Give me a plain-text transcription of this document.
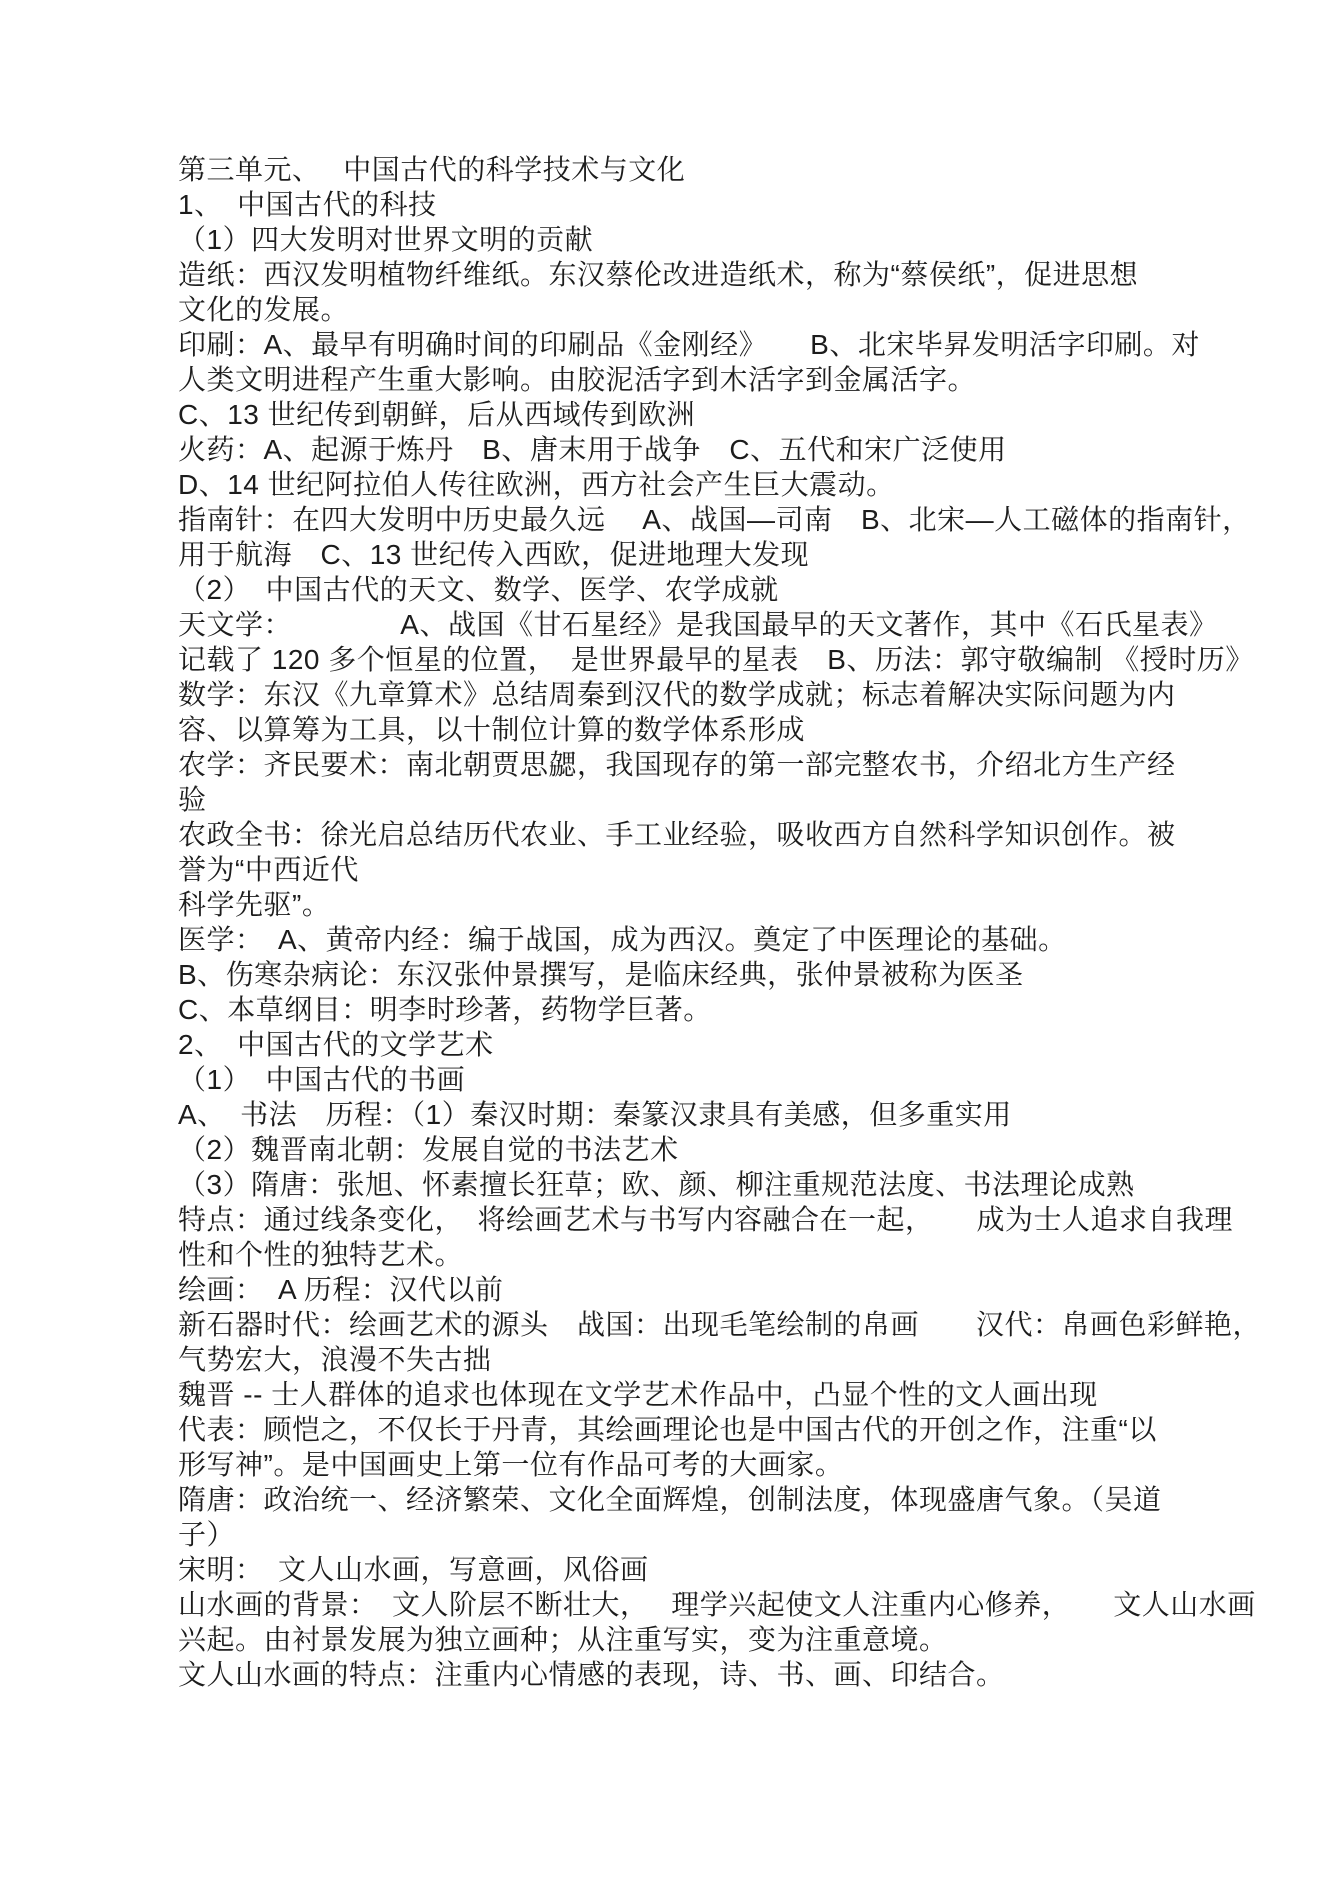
第三单元、　 中国古代的科学技术与文化
1、　中国古代的科技
（1）四大发明对世界文明的贡献
造纸：西汉发明植物纤维纸。东汉蔡伦改进造纸术，称为“蔡侯纸”，促进思想
文化的发展。
印刷：A、最早有明确时间的印刷品《金刚经》　　B、北宋毕昇发明活字印刷。对
人类文明进程产生重大影响。由胶泥活字到木活字到金属活字。
C、13 世纪传到朝鲜，后从西域传到欧洲
火药：A、起源于炼丹　B、唐末用于战争　C、五代和宋广泛使用
D、14 世纪阿拉伯人传往欧洲，西方社会产生巨大震动。
指南针：在四大发明中历史最久远　 A、战国—司南　B、北宋—人工磁体的指南针，
用于航海　C、13 世纪传入西欧，促进地理大发现
（2）　中国古代的天文、数学、医学、农学成就
天文学：　　　　 A、战国《甘石星经》是我国最早的天文著作，其中《石氏星表》
记载了 120 多个恒星的位置，　是世界最早的星表　B、历法：郭守敬编制 《授时历》
数学：东汉《九章算术》总结周秦到汉代的数学成就；标志着解决实际问题为内
容、以算筹为工具，以十制位计算的数学体系形成
农学：齐民要术：南北朝贾思勰，我国现存的第一部完整农书，介绍北方生产经
验
农政全书：徐光启总结历代农业、手工业经验，吸收西方自然科学知识创作。被
誉为“中西近代
科学先驱”。
医学：　A、黄帝内经：编于战国，成为西汉。奠定了中医理论的基础。
B、伤寒杂病论：东汉张仲景撰写，是临床经典，张仲景被称为医圣
C、本草纲目：明李时珍著，药物学巨著。
2、　中国古代的文学艺术
（1）　中国古代的书画
A、　书法　历程：（1）秦汉时期：秦篆汉隶具有美感，但多重实用
（2）魏晋南北朝：发展自觉的书法艺术
（3）隋唐：张旭、怀素擅长狂草；欧、颜、柳注重规范法度、书法理论成熟
特点：通过线条变化，　将绘画艺术与书写内容融合在一起，　　成为士人追求自我理
性和个性的独特艺术。
绘画：　A 历程：汉代以前
新石器时代：绘画艺术的源头　战国：出现毛笔绘制的帛画　　汉代：帛画色彩鲜艳，
气势宏大，浪漫不失古拙
魏晋 -- 士人群体的追求也体现在文学艺术作品中，凸显个性的文人画出现
代表：顾恺之，不仅长于丹青，其绘画理论也是中国古代的开创之作，注重“以
形写神”。是中国画史上第一位有作品可考的大画家。
隋唐：政治统一、经济繁荣、文化全面辉煌，创制法度，体现盛唐气象。（吴道
子）
宋明：　文人山水画，写意画，风俗画
山水画的背景：　文人阶层不断壮大，　 理学兴起使文人注重内心修养，　　文人山水画
兴起。由衬景发展为独立画种；从注重写实，变为注重意境。
文人山水画的特点：注重内心情感的表现，诗、书、画、印结合。
